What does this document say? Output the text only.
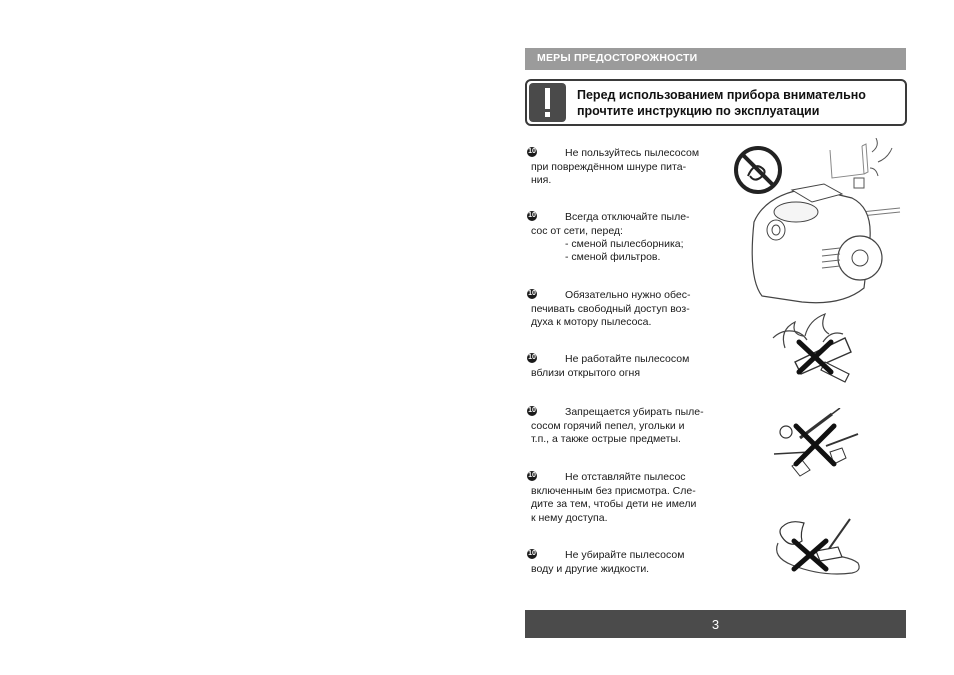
МЕРЫ ПРЕДОСТОРОЖНОСТИ
Перед использованием прибора внимательно прочтите инструкцию по эксплуатации
10	Не пользуйтесь пылесосом
при повреждённом шнуре пита-
ния.
10	Всегда отключайте пыле-
сос от сети, перед:
- сменой пылесборника;
- сменой фильтров.
10	Обязательно нужно обес-
печивать свободный доступ воз-
духа к мотору пылесоса.
10	Не работайте пылесосом
вблизи открытого огня
10	Запрещается убирать пыле-
сосом горячий пепел, угольки и
т.п., а также острые предметы.
10	Не отставляйте пылесос
включенным без присмотра. Сле-
дите за тем, чтобы дети не имели
к нему доступа.
10	Не убирайте пылесосом
воду и другие жидкости.
3
